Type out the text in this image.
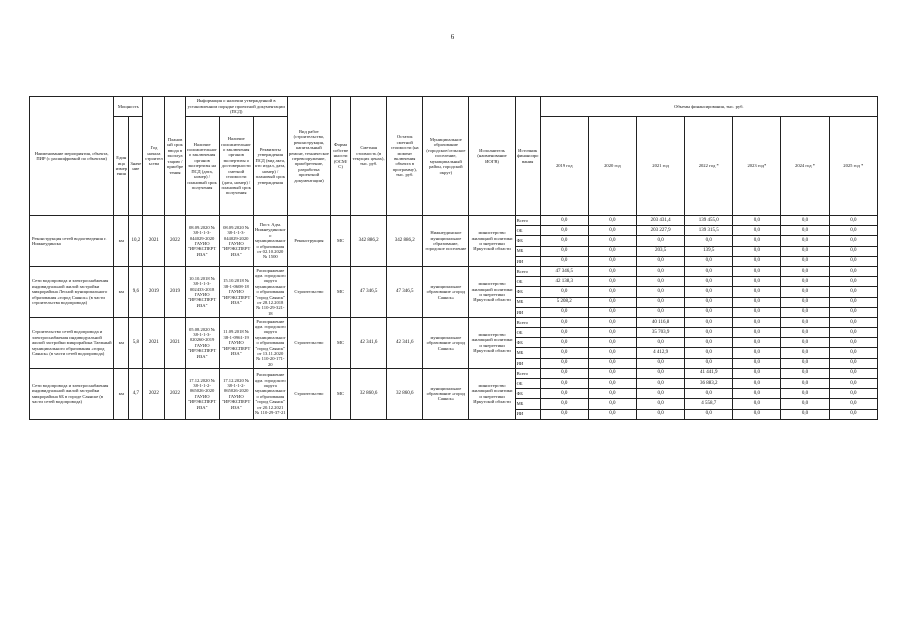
6
Наименование мероприятия, объекта, ПИР (с расшифровкой по объектам)	Мощность		Год начала строительства	Плановый срок ввода в эксплуатацию /приобретения	Информация о наличии утвержденной в установленном порядке проектной документации (ПСД)			Вид работ (строительство, реконструкция, капитальный ремонт, техническое перевооружение, приобретение, разработка проектной документации)	Форма собственности (ОСМ/С)	Сметная стоимость (в текущих ценах), тыс. руб.	Остаток сметной стоимости (на момент включения объекта в программу), тыс. руб.	Муниципальное образование (городское/сельское поселение, муниципальный район, городской округ)	Исполнитель (наименование ИОГВ)	Источник финансирования	Объемы финансирования, тыс. руб.						
	Единица измерения	Значение			Наличие положительного заключения органов экспертизы на ПСД (дата, номер) / плановый срок получения	Наличие положительного заключения органов экспертизы о достоверности сметной стоимости (дата, номер) / плановый срок получения	Реквизиты утверждения ПСД (вид акта, кто издал, дата, номер) / плановый срок утверждения								2019 год	2020 год	2021 год	2022 год *	2023 год*	2024 год *	2025 год *
Реконструкция сетей водоотведения г. Нижнеудинска	км	10,2	2021	2022	08.09.2020 № 38-1-1-3-044029-2020 ГАУИО "ИРЭКСПЕРТИЗА"	08.09.2020 № 38-1-1-3-044029-2020 ГАУИО "ИРЭКСПЕРТИЗА"	Пост. Адм. Нижнеудинского муниципального образования от 02.10.2020 № 1500	Реконструкция	МС	342 886,2	342 886,2	Нижнеудинское муниципальное образование, городское поселение	министерство жилищной политики и энергетики Иркутской области	Всего	0,0	0,0	203 431,4	139 455,0	0,0	0,0	0,0
														ОБ	0,0	0,0	203 227,9	139 315,5	0,0	0,0	0,0
														ФБ	0,0	0,0	0,0	0,0	0,0	0,0	0,0
														МБ	0,0	0,0	203,5	139,5	0,0	0,0	0,0
														ИИ	0,0	0,0	0,0	0,0	0,0	0,0	0,0
Сети водопровода и электроснабжения индивидуальной жилой застройки микрорайона Лесной муниципального образования «город Саянск» (в части строительства водопровода)	км	9,6	2019	2019	10.10.2018 № 38-1-1-3-002433-2018 ГАУИО "ИРЭКСПЕРТИЗА"	15.10.2018 № 38-1-0608-18 ГАУИО "ИРЭКСПЕРТИЗА"	Распоряжение адм. городского округа муниципального образования "город Саянск" от 28.12.2018 № 110-29-321-18	Строительство	МС	47 346,5	47 346,5	муниципальное образование «город Саянск»	министерство жилищной политики и энергетики Иркутской области	Всего	47 346,5	0,0	0,0	0,0	0,0	0,0	0,0
														ОБ	42 138,3	0,0	0,0	0,0	0,0	0,0	0,0
														ФБ	0,0	0,0	0,0	0,0	0,0	0,0	0,0
														МБ	5 208,2	0,0	0,0	0,0	0,0	0,0	0,0
														ИИ	0,0	0,0	0,0	0,0	0,0	0,0	0,0
Строительство сетей водопровода и электроснабжения индивидуальной жилой застройки микрорайона Таежный муниципального образования «город Саянск» (в части сетей водопровода)	км	5,8	2021	2021	05.08.2020 № 38-1-1-3-020260-2019 ГАУИО "ИРЭКСПЕРТИЗА"	11.09.2018 № 38-1-0961-19 ГАУИО "ИРЭКСПЕРТИЗА"	Распоряжение адм. городского округа муниципального образования "город Саянск" от 13.11.2020 № 110-20-171-20	Строительство	МС	42 341,6	42 341,6	муниципальное образование «город Саянск»	министерство жилищной политики и энергетики Иркутской области	Всего	0,0	0,0	40 116,8	0,0	0,0	0,0	0,0
														ОБ	0,0	0,0	35 703,9	0,0	0,0	0,0	0,0
														ФБ	0,0	0,0	0,0	0,0	0,0	0,0	0,0
														МБ	0,0	0,0	4 412,9	0,0	0,0	0,0	0,0
														ИИ	0,0	0,0	0,0	0,0	0,0	0,0	0,0
Сети водопровода и электроснабжения индивидуальной жилой застройки микрорайона 6Б в городе Саянске (в части сетей водопровода)	км	4,7	2022	2022	17.12.2020 № 38-1-1-2-065026-2020 ГАУИО "ИРЭКСПЕРТИЗА"	17.12.2020 № 38-1-1-2-065026-2020 ГАУИО "ИРЭКСПЕРТИЗА"	Распоряжение адм. городского округа муниципального образования "город Саянск" от 20.12.2021 № 110-29-37-21	Строительство	МС	32 860,6	32 860,6	муниципальное образование «город Саянск»	министерство жилищной политики и энергетики Иркутской области	Всего	0,0	0,0	0,0	41 441,9	0,0	0,0	0,0
														ОБ	0,0	0,0	0,0	36 883,2	0,0	0,0	0,0
														ФБ	0,0	0,0	0,0	0,0	0,0	0,0	0,0
														МБ	0,0	0,0	0,0	4 558,7	0,0	0,0	0,0
														ИИ	0,0	0,0	0,0	0,0	0,0	0,0	0,0
